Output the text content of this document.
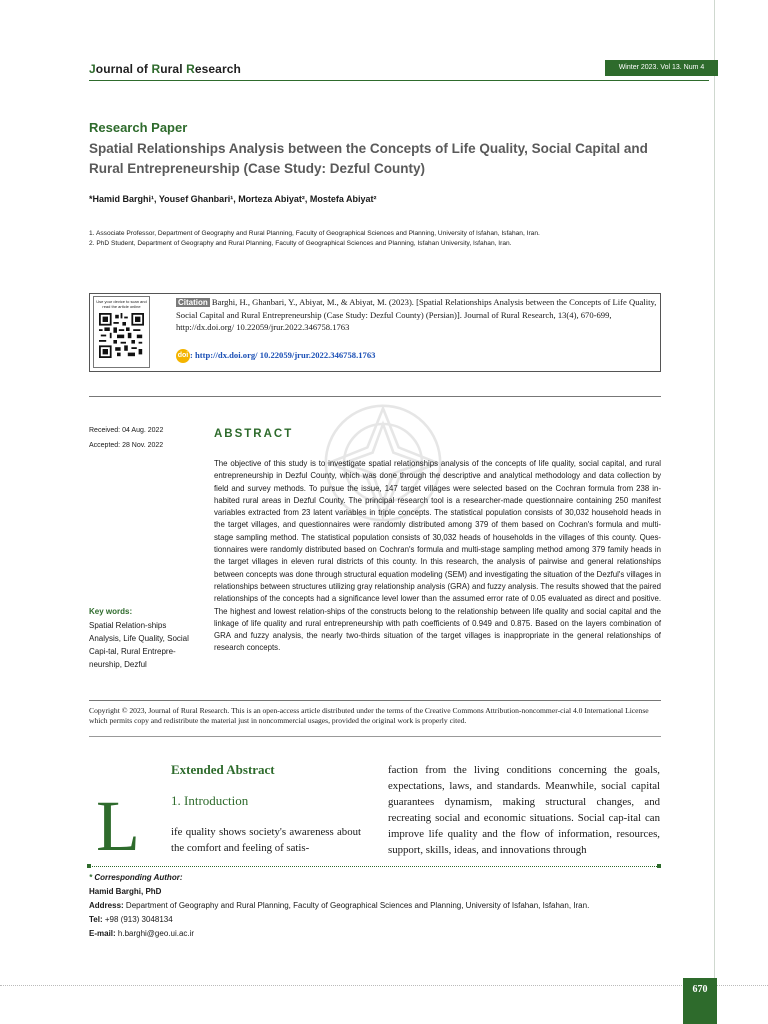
Journal of Rural Research	Winter 2023. Vol 13. Num 4
Research Paper
Spatial Relationships Analysis between the Concepts of Life Quality, Social Capital and Rural Entrepreneurship (Case Study: Dezful County)
*Hamid Barghi¹, Yousef Ghanbari¹, Morteza Abiyat², Mostefa Abiyat²
1. Associate Professor, Department of Geography and Rural Planning, Faculty of Geographical Sciences and Planning, University of Isfahan, Isfahan, Iran.
2. PhD Student, Department of Geography and Rural Planning, Faculty of Geographical Sciences and Planning, Isfahan University, Isfahan, Iran.
Use your device to scan and read the article online	Citation Barghi, H., Ghanbari, Y., Abiyat, M., & Abiyat, M. (2023). [Spatial Relationships Analysis between the Concepts of Life Quality, Social Capital and Rural Entrepreneurship (Case Study: Dezful County) (Persian)]. Journal of Rural Research, 13(4), 670-699, http://dx.doi.org/ 10.22059/jrur.2022.346758.1763
doi : http://dx.doi.org/ 10.22059/jrur.2022.346758.1763
Received: 04 Aug. 2022
Accepted: 28 Nov. 2022
ABSTRACT
The objective of this study is to investigate spatial relationships analysis of the concepts of life quality, social capital, and rural entrepreneurship in Dezful County, which was done through the descriptive and analytical methodology and data collection by field and survey methods. To pursue the issue, 147 target villages were selected based on the Cochran formula from 238 in-habited rural areas in Dezful County. The principal research tool is a researcher-made questionnaire containing 250 manifest variables extracted from 23 latent variables in triple concepts. The statistical population consists of 30,032 household heads in the target villages, and questionnaires were randomly distributed among 379 of them based on Cochran's formula and multi-stage sampling method. The statistical population consists of 30,032 heads of households in the villages of this county. Ques-tionnaires were randomly distributed based on Cochran's formula and multi-stage sampling method among 379 family heads in the target villages in eleven rural districts of this county. In this research, the analysis of pairwise and general relationships between concepts was done through structural equation modeling (SEM) and investigating the situation of the Dezful's villages in relationships between structures utilizing gray relationship analysis (GRA) and fuzzy analysis. The results showed that the paired relationships of the concepts had a significance level lower than the assumed error rate of 0.05 evaluated as direct and positive. The highest and lowest relation-ships of the constructs belong to the relationship between life quality and social capital and the linkage of life quality and rural entrepreneurship with path coefficients of 0.949 and 0.875. Based on the layers combination of GRA and fuzzy analysis, the nearly two-thirds situation of the target villages is inappropriate in the general relationships of research concepts.
Key words:
Spatial Relation-ships Analysis, Life Quality, Social Capi-tal, Rural Entrepre-neurship, Dezful
Copyright © 2023, Journal of Rural Research. This is an open-access article distributed under the terms of the Creative Commons Attribution-noncommer-cial 4.0 International License which permits copy and redistribute the material just in noncommercial usages, provided the original work is properly cited.
Extended Abstract
1. Introduction
L	ife quality shows society's awareness about the comfort and feeling of satis-
faction from the living conditions concerning the goals, expectations, laws, and standards. Meanwhile, social capital guarantees dynamism, making structural changes, and recreating social and economic situations. Social cap-ital can improve life quality and the flow of information, resources, support, skills, ideas, and innovations through
* Corresponding Author:
Hamid Barghi, PhD
Address: Department of Geography and Rural Planning, Faculty of Geographical Sciences and Planning, University of Isfahan, Isfahan, Iran.
Tel: +98 (913) 3048134
E-mail: h.barghi@geo.ui.ac.ir
670
